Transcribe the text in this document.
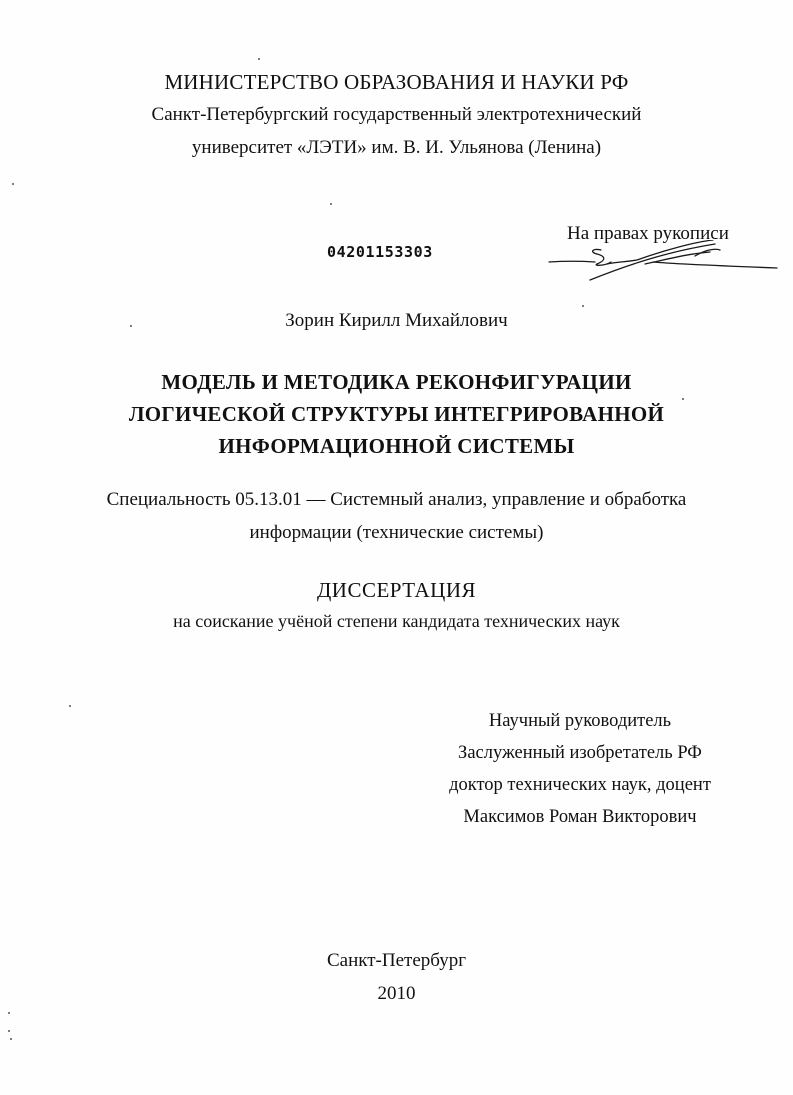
МИНИСТЕРСТВО ОБРАЗОВАНИЯ И НАУКИ РФ
Санкт-Петербургский государственный электротехнический
университет «ЛЭТИ» им. В. И. Ульянова (Ленина)
04201153303
На правах рукописи
Зорин Кирилл Михайлович
МОДЕЛЬ И МЕТОДИКА РЕКОНФИГУРАЦИИ
ЛОГИЧЕСКОЙ СТРУКТУРЫ ИНТЕГРИРОВАННОЙ
ИНФОРМАЦИОННОЙ СИСТЕМЫ
Специальность 05.13.01 — Системный анализ, управление и обработка
информации (технические системы)
ДИССЕРТАЦИЯ
на соискание учёной степени кандидата технических наук
Научный руководитель
Заслуженный изобретатель РФ
доктор технических наук, доцент
Максимов Роман Викторович
Санкт-Петербург
2010
